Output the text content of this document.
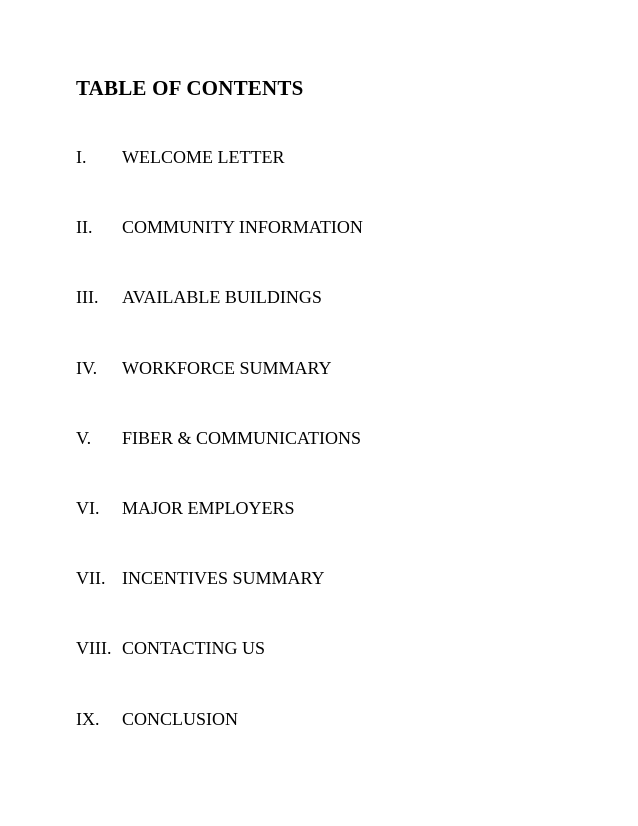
TABLE OF CONTENTS
I.	WELCOME LETTER
II.	COMMUNITY INFORMATION
III.	AVAILABLE BUILDINGS
IV.	WORKFORCE SUMMARY
V.	FIBER & COMMUNICATIONS
VI.	MAJOR EMPLOYERS
VII. INCENTIVES SUMMARY
VIII. CONTACTING US
IX.	CONCLUSION
